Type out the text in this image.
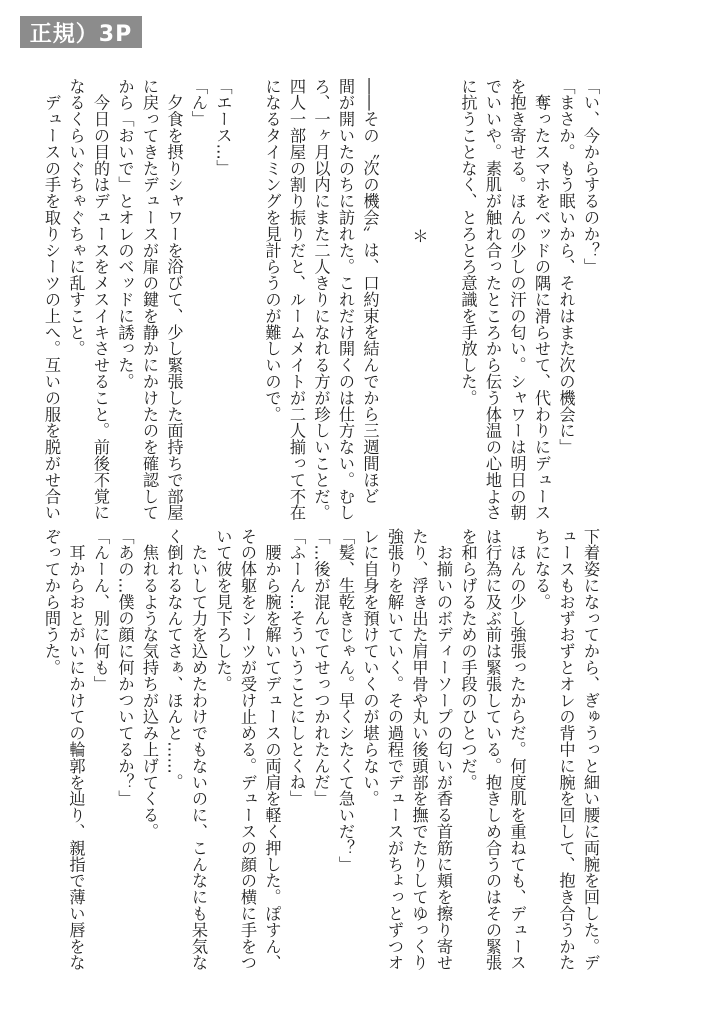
正規）3P
「い、今からするのか？」
「まさか。もう眠いから、それはまた次の機会に」
　奪ったスマホをベッドの隅に滑らせて、代わりにデュース
を抱き寄せる。ほんの少しの汗の匂い。シャワーは明日の朝
でいいや。素肌が触れ合ったところから伝う体温の心地よさ
に抗うことなく、とろとろ意識を手放した。

＊

――その〝次の機会〟は、口約束を結んでから三週間ほど
間が開いたのちに訪れた。これだけ開くのは仕方ない。むし
ろ、一ヶ月以内にまた二人きりになれる方が珍しいことだ。
四人一部屋の割り振りだと、ルームメイトが二人揃って不在
になるタイミングを見計らうのが難しいので。

「エース…」
「ん」
　夕食を摂りシャワーを浴びて、少し緊張した面持ちで部屋
に戻ってきたデュースが扉の鍵を静かにかけたのを確認して
から「おいで」とオレのベッドに誘った。
　今日の目的はデュースをメスイキさせること。前後不覚に
なるくらいぐちゃぐちゃに乱すこと。
　デュースの手を取りシーツの上へ。互いの服を脱がせ合い
下着姿になってから、ぎゅうっと細い腰に両腕を回した。デ
ュースもおずおずとオレの背中に腕を回して、抱き合うかた
ちになる。
　ほんの少し強張ったからだ。何度肌を重ねても、デュース
は行為に及ぶ前は緊張している。抱きしめ合うのはその緊張
を和らげるための手段のひとつだ。
　お揃いのボディーソープの匂いが香る首筋に頬を擦り寄せ
たり、浮き出た肩甲骨や丸い後頭部を撫でたりしてゆっくり
強張りを解いていく。その過程でデュースがちょっとずつオ
レに自身を預けていくのが堪らない。
「髪、生乾きじゃん。早くシたくて急いだ？」
「…後が混んでてせっつかれたんだ」
「ふーん…そういうことにしとくね」
　腰から腕を解いてデュースの両肩を軽く押した。ぽすん、
その体躯をシーツが受け止める。デュースの顔の横に手をつ
いて彼を見下ろした。
　たいして力を込めたわけでもないのに、こんなにも呆気な
く倒れるなんてさぁ、ほんと……。
　焦れるような気持ちが込み上げてくる。
「あの…僕の顔に何かついてるか？」
「んーん、別に何も」
　耳からおとがいにかけての輪郭を辿り、親指で薄い唇をな
ぞってから問うた。
